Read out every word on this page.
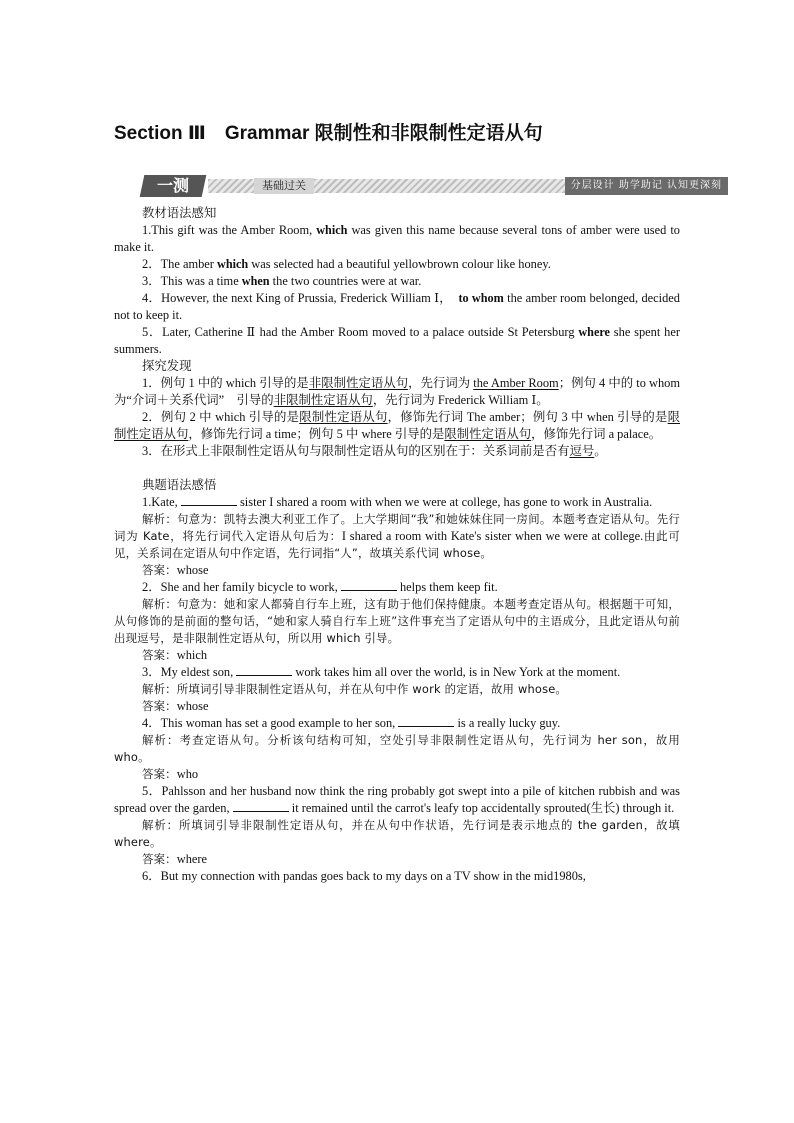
Section Ⅲ　Grammar 限制性和非限制性定语从句
一测	基础过关	分层设计 助学助记 认知更深刻

教材语法感知

1.This gift was the Amber Room, which was given this name because several tons of amber were used to make it.

2．The amber which was selected had a beautiful yellowbrown colour like honey.

3．This was a time when the two countries were at war.

4．However, the next King of Prussia, Frederick William Ⅰ，　to whom the amber room belonged, decided not to keep it.

5．Later, Catherine Ⅱ had the Amber Room moved to a palace outside St Petersburg where she spent her summers.

探究发现

1．例句 1 中的 which 引导的是非限制性定语从句，先行词为 the Amber Room；例句 4 中的 to whom 为“介词＋关系代词”　引导的非限制性定语从句，先行词为 Frederick William Ⅰ。

2．例句 2 中 which 引导的是限制性定语从句，修饰先行词 The amber；例句 3 中 when 引导的是限制性定语从句，修饰先行词 a time；例句 5 中 where 引导的是限制性定语从句，修饰先行词 a palace。

3．在形式上非限制性定语从句与限制性定语从句的区别在于：关系词前是否有逗号。

典题语法感悟

1.Kate,	sister I shared a room with when we were at college, has gone to work in Australia.

解析：句意为：凯特去澳大利亚工作了。上大学期间“我”和她妹妹住同一房间。本题考查定语从句。先行词为 Kate，将先行词代入定语从句后为：I shared a room with Kate's sister when we were at college.由此可见，关系词在定语从句中作定语，先行词指“人”，故填关系代词 whose。

答案：whose

2．She and her family bicycle to work,	helps them keep fit.

解析：句意为：她和家人都骑自行车上班，这有助于他们保持健康。本题考查定语从句。根据题干可知，从句修饰的是前面的整句话，“她和家人骑自行车上班”这件事充当了定语从句中的主语成分，且此定语从句前出现逗号，是非限制性定语从句，所以用 which 引导。

答案：which

3．My eldest son,	work takes him all over the world, is in New York at the moment.

解析：所填词引导非限制性定语从句，并在从句中作 work 的定语，故用 whose。

答案：whose

4．This woman has set a good example to her son,	is a really lucky guy.

解析：考查定语从句。分析该句结构可知，空处引导非限制性定语从句，先行词为 her son，故用 who。

答案：who

5．Pahlsson and her husband now think the ring probably got swept into a pile of kitchen rubbish and was spread over the garden,	it remained until the carrot's leafy top accidentally sprouted(生长) through it.

解析：所填词引导非限制性定语从句，并在从句中作状语，先行词是表示地点的 the garden，故填 where。

答案：where

6．But my connection with pandas goes back to my days on a TV show in the mid1980s,
